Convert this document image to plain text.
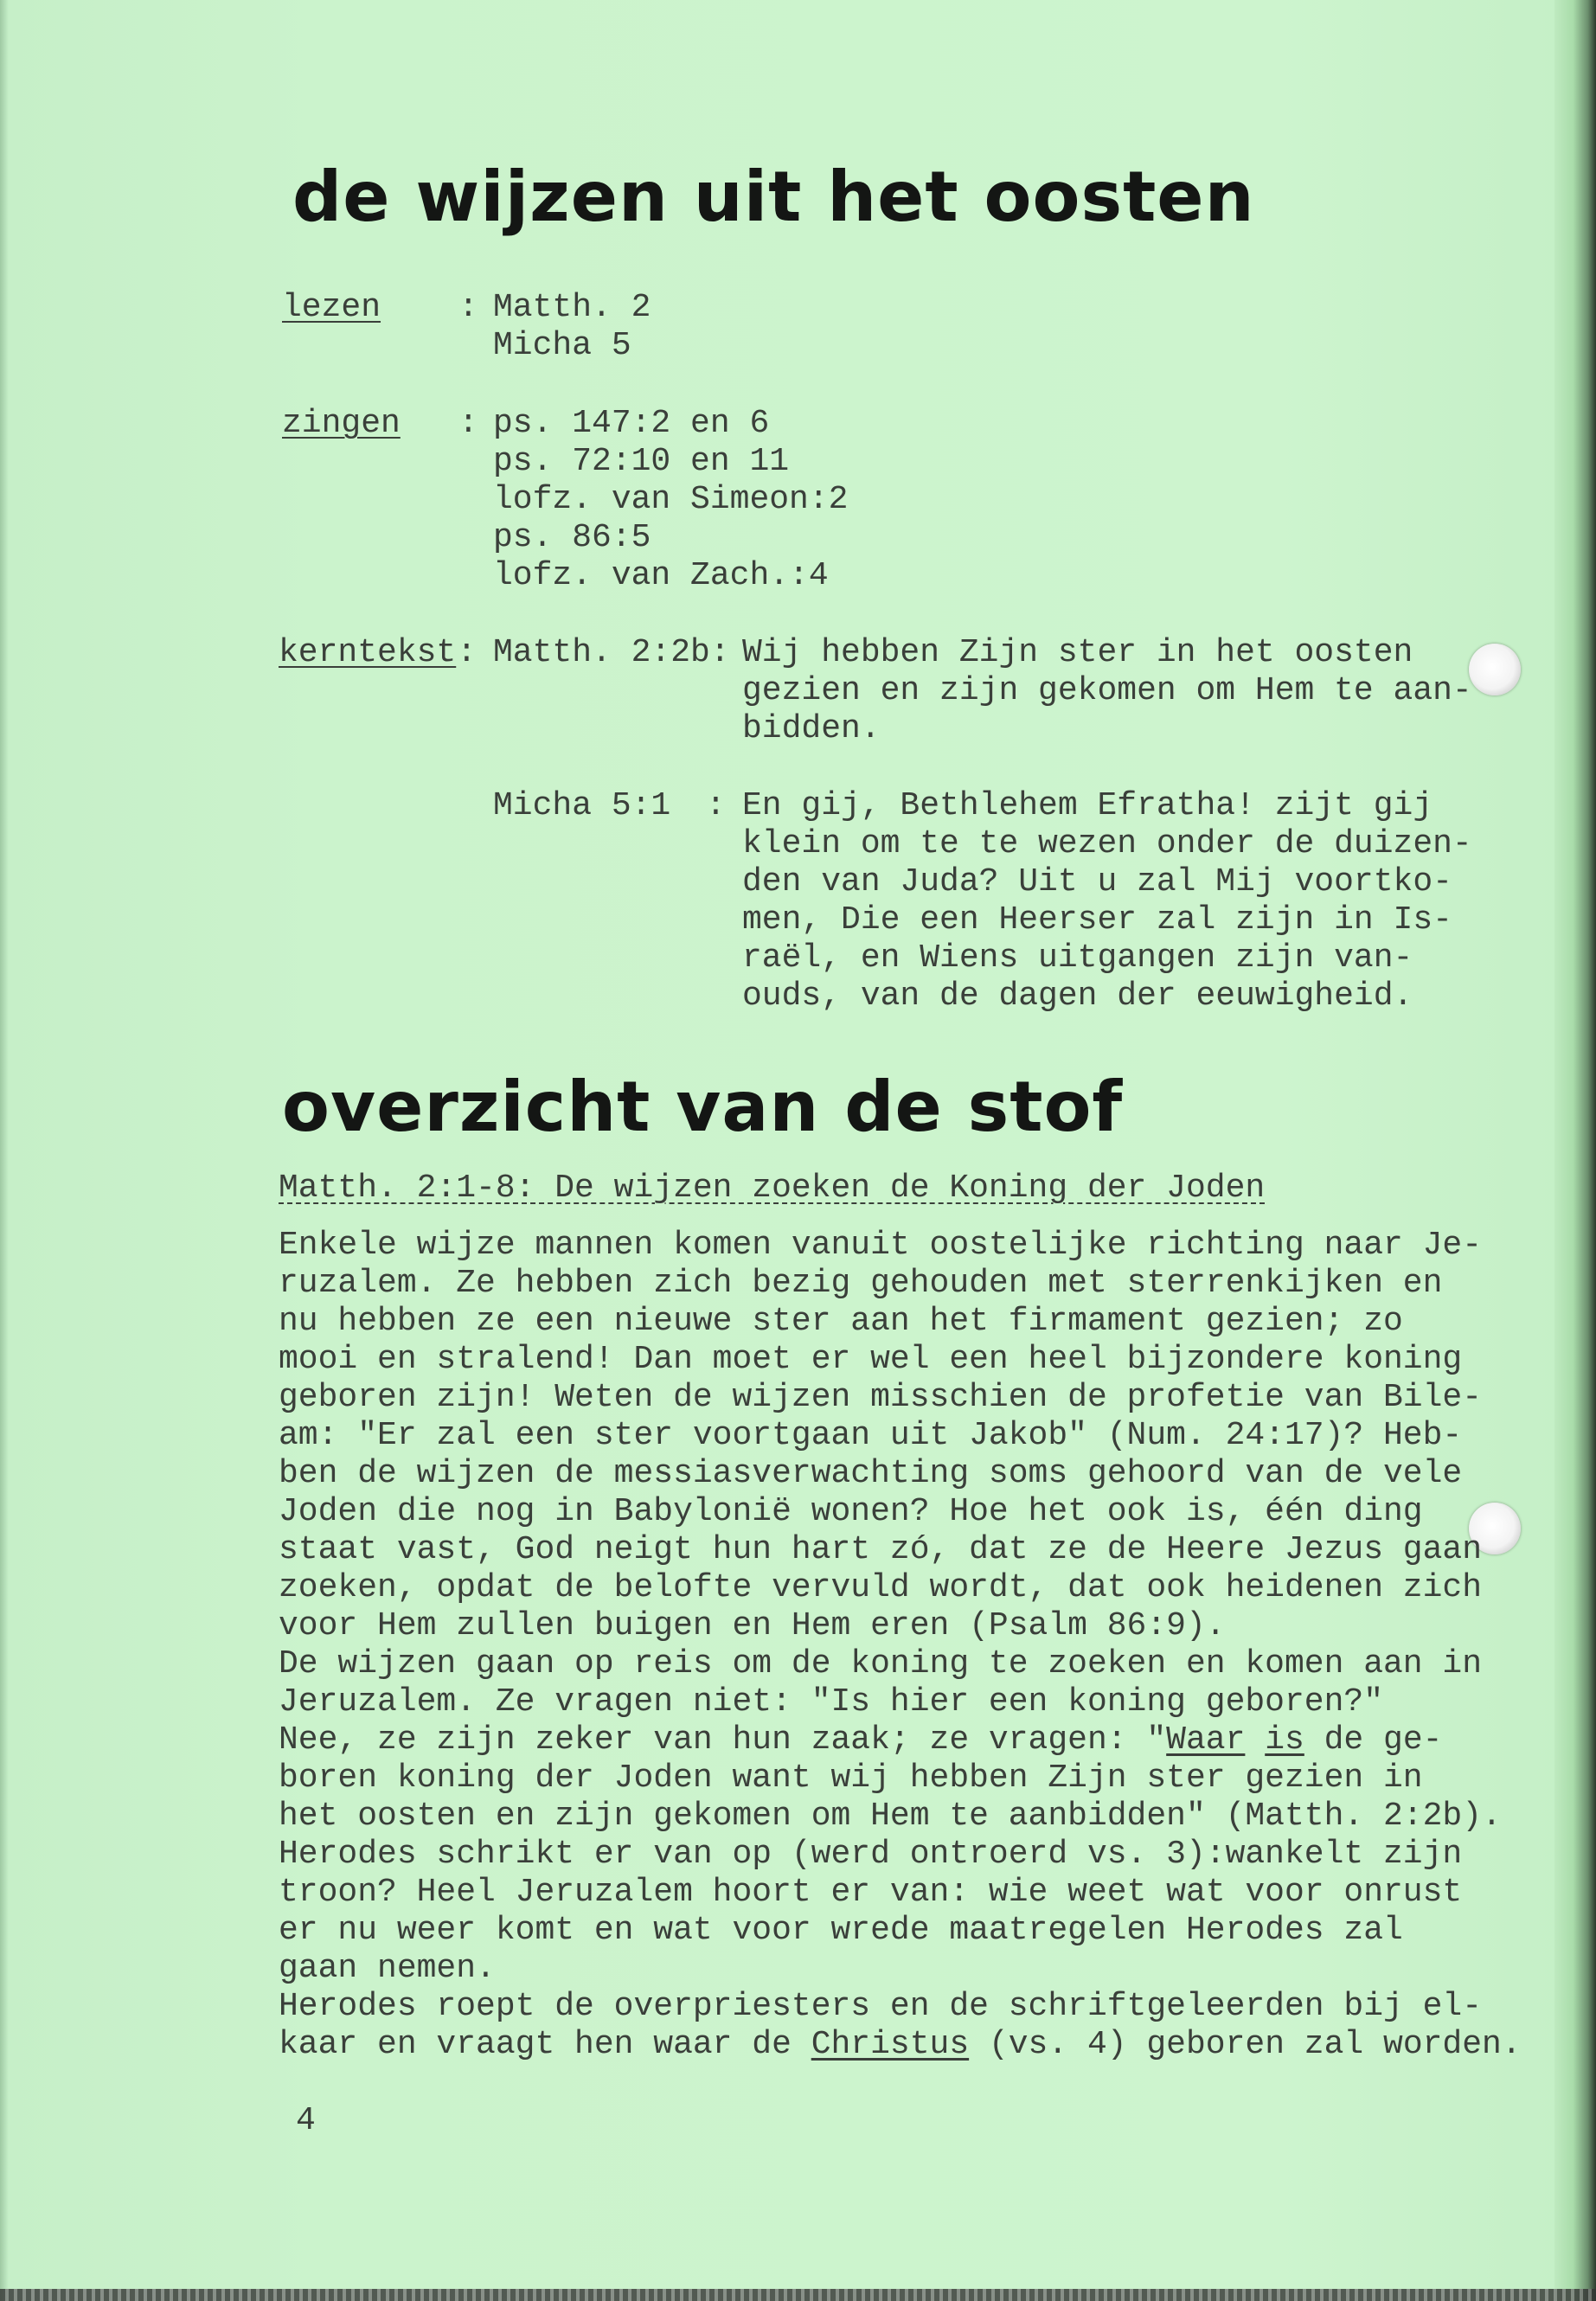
de wijzen uit het oosten
lezen : Matth. 2
Micha 5
zingen : ps. 147:2 en 6
ps. 72:10 en 11
lofz. van Simeon:2
ps. 86:5
lofz. van Zach.:4
kerntekst : Matth. 2:2b: Wij hebben Zijn ster in het oosten
gezien en zijn gekomen om Hem te aan-
bidden.
Micha 5:1 : En gij, Bethlehem Efratha! zijt gij
klein om te te wezen onder de duizen-
den van Juda? Uit u zal Mij voortko-
men, Die een Heerser zal zijn in Is-
raël, en Wiens uitgangen zijn van-
ouds, van de dagen der eeuwigheid.
overzicht van de stof
Matth. 2:1-8: De wijzen zoeken de Koning der Joden
Enkele wijze mannen komen vanuit oostelijke richting naar Je-
ruzalem. Ze hebben zich bezig gehouden met sterrenkijken en
nu hebben ze een nieuwe ster aan het firmament gezien; zo
mooi en stralend! Dan moet er wel een heel bijzondere koning
geboren zijn! Weten de wijzen misschien de profetie van Bile-
am: "Er zal een ster voortgaan uit Jakob" (Num. 24:17)? Heb-
ben de wijzen de messiasverwachting soms gehoord van de vele
Joden die nog in Babylonië wonen? Hoe het ook is, één ding
staat vast, God neigt hun hart zó, dat ze de Heere Jezus gaan
zoeken, opdat de belofte vervuld wordt, dat ook heidenen zich
voor Hem zullen buigen en Hem eren (Psalm 86:9).
De wijzen gaan op reis om de koning te zoeken en komen aan in
Jeruzalem. Ze vragen niet: "Is hier een koning geboren?"
Nee, ze zijn zeker van hun zaak; ze vragen: "Waar is de ge-
boren koning der Joden want wij hebben Zijn ster gezien in
het oosten en zijn gekomen om Hem te aanbidden" (Matth. 2:2b).
Herodes schrikt er van op (werd ontroerd vs. 3):wankelt zijn
troon? Heel Jeruzalem hoort er van: wie weet wat voor onrust
er nu weer komt en wat voor wrede maatregelen Herodes zal
gaan nemen.
Herodes roept de overpriesters en de schriftgeleerden bij el-
kaar en vraagt hen waar de Christus (vs. 4) geboren zal worden.
4
